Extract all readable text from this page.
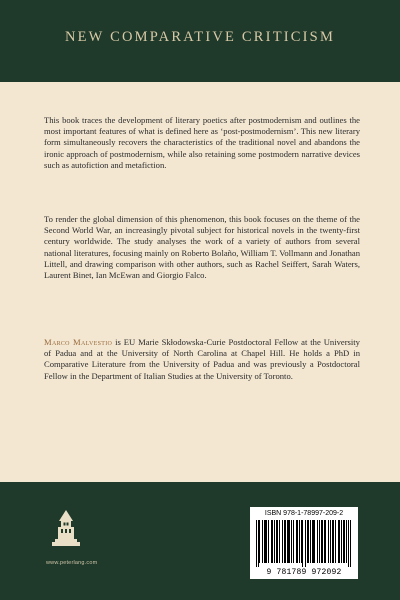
NEW COMPARATIVE CRITICISM

This book traces the development of literary poetics after postmodernism and outlines the most important features of what is defined here as ‘post-postmodernism’. This new literary form simultaneously recovers the characteristics of the traditional novel and abandons the ironic approach of postmodernism, while also retaining some postmodern narrative devices such as autofiction and metafiction.

To render the global dimension of this phenomenon, this book focuses on the theme of the Second World War, an increasingly pivotal subject for historical novels in the twenty-first century worldwide. The study analyses the work of a variety of authors from several national literatures, focusing mainly on Roberto Bolaño, William T. Vollmann and Jonathan Littell, and drawing comparison with other authors, such as Rachel Seiffert, Sarah Waters, Laurent Binet, Ian McEwan and Giorgio Falco.

Marco Malvestio is EU Marie Skłodowska-Curie Postdoctoral Fellow at the University of Padua and at the University of North Carolina at Chapel Hill. He holds a PhD in Comparative Literature from the University of Padua and was previously a Postdoctoral Fellow in the Department of Italian Studies at the University of Toronto.

www.peterlang.com
ISBN 978-1-78997-209-2
9 781789 972092
